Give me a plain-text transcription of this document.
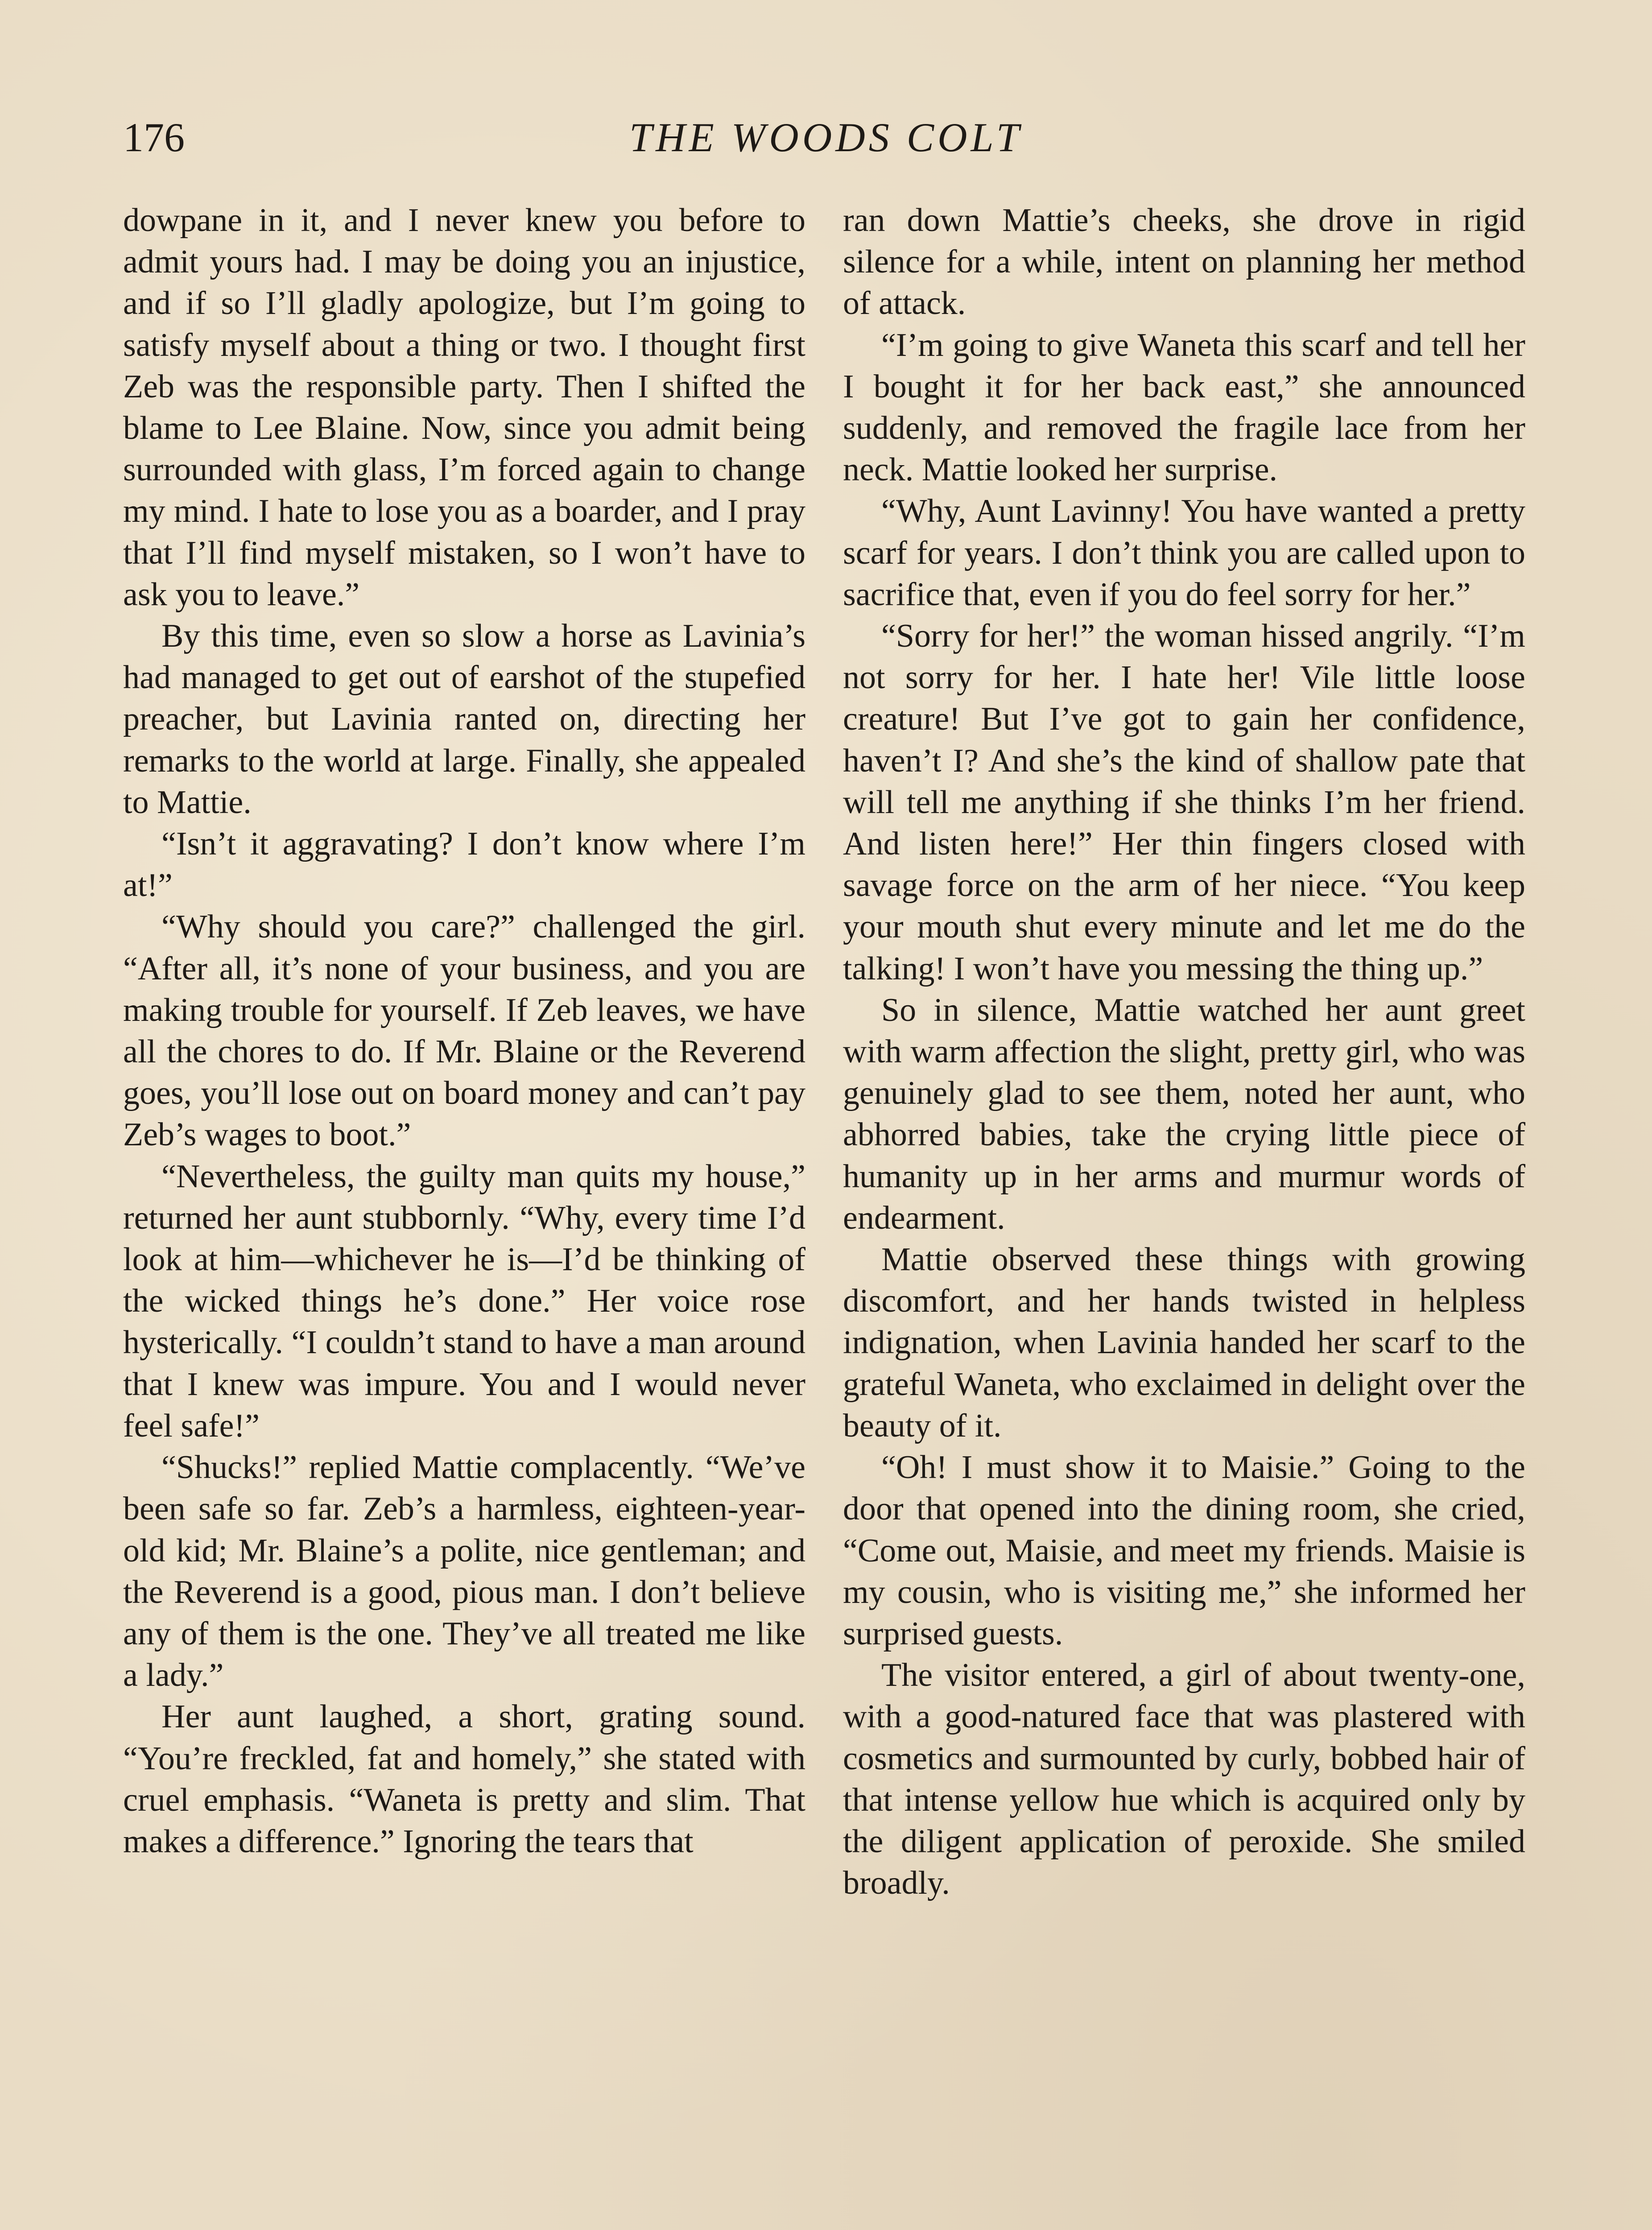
176	THE WOODS COLT

dowpane in it, and I never knew you before to admit yours had. I may be doing you an injustice, and if so I’ll gladly apologize, but I’m going to satisfy myself about a thing or two. I thought first Zeb was the responsible party. Then I shifted the blame to Lee Blaine. Now, since you admit being surrounded with glass, I’m forced again to change my mind. I hate to lose you as a boarder, and I pray that I’ll find myself mistaken, so I won’t have to ask you to leave.”

By this time, even so slow a horse as Lavinia’s had managed to get out of earshot of the stupefied preacher, but Lavinia ranted on, directing her remarks to the world at large. Finally, she appealed to Mattie.

“Isn’t it aggravating? I don’t know where I’m at!”

“Why should you care?” challenged the girl. “After all, it’s none of your business, and you are making trouble for yourself. If Zeb leaves, we have all the chores to do. If Mr. Blaine or the Reverend goes, you’ll lose out on board money and can’t pay Zeb’s wages to boot.”

“Nevertheless, the guilty man quits my house,” returned her aunt stubbornly. “Why, every time I’d look at him—whichever he is—I’d be thinking of the wicked things he’s done.” Her voice rose hysterically. “I couldn’t stand to have a man around that I knew was impure. You and I would never feel safe!”

“Shucks!” replied Mattie complacently. “We’ve been safe so far. Zeb’s a harmless, eighteen-year-old kid; Mr. Blaine’s a polite, nice gentleman; and the Reverend is a good, pious man. I don’t believe any of them is the one. They’ve all treated me like a lady.”

Her aunt laughed, a short, grating sound. “You’re freckled, fat and homely,” she stated with cruel emphasis. “Waneta is pretty and slim. That makes a difference.” Ignoring the tears that

ran down Mattie’s cheeks, she drove in rigid silence for a while, intent on planning her method of attack.

“I’m going to give Waneta this scarf and tell her I bought it for her back east,” she announced suddenly, and removed the fragile lace from her neck. Mattie looked her surprise.

“Why, Aunt Lavinny! You have wanted a pretty scarf for years. I don’t think you are called upon to sacrifice that, even if you do feel sorry for her.”

“Sorry for her!” the woman hissed angrily. “I’m not sorry for her. I hate her! Vile little loose creature! But I’ve got to gain her confidence, haven’t I? And she’s the kind of shallow pate that will tell me anything if she thinks I’m her friend. And listen here!” Her thin fingers closed with savage force on the arm of her niece. “You keep your mouth shut every minute and let me do the talking! I won’t have you messing the thing up.”

So in silence, Mattie watched her aunt greet with warm affection the slight, pretty girl, who was genuinely glad to see them, noted her aunt, who abhorred babies, take the crying little piece of humanity up in her arms and murmur words of endearment.

Mattie observed these things with growing discomfort, and her hands twisted in helpless indignation, when Lavinia handed her scarf to the grateful Waneta, who exclaimed in delight over the beauty of it.

“Oh! I must show it to Maisie.” Going to the door that opened into the dining room, she cried, “Come out, Maisie, and meet my friends. Maisie is my cousin, who is visiting me,” she informed her surprised guests.

The visitor entered, a girl of about twenty-one, with a good-natured face that was plastered with cosmetics and surmounted by curly, bobbed hair of that intense yellow hue which is acquired only by the diligent application of peroxide. She smiled broadly.
